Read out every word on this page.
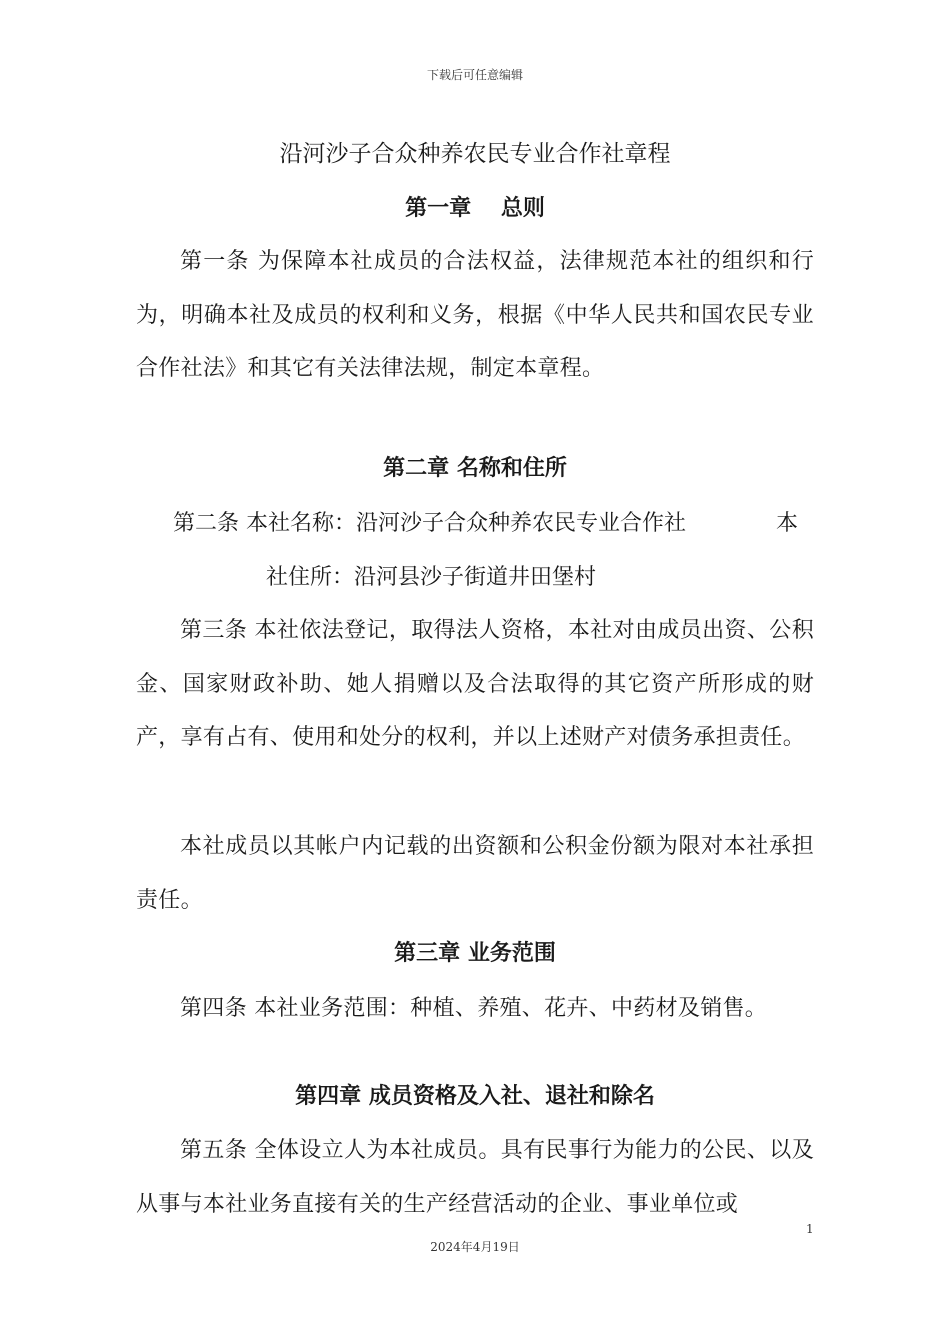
下载后可任意编辑
沿河沙子合众种养农民专业合作社章程
第一章　 总则

第一条 为保障本社成员的合法权益，法律规范本社的组织和行为，明确本社及成员的权利和义务，根据《中华人民共和国农民专业合作社法》和其它有关法律法规，制定本章程。

第二章 名称和住所
第二条 本社名称：沿河沙子合众种养农民专业合作社	本
社住所：沿河县沙子街道井田堡村

第三条 本社依法登记，取得法人资格，本社对由成员出资、公积金、国家财政补助、她人捐赠以及合法取得的其它资产所形成的财产，享有占有、使用和处分的权利，并以上述财产对债务承担责任。

本社成员以其帐户内记载的出资额和公积金份额为限对本社承担责任。

第三章 业务范围

第四条 本社业务范围：种植、养殖、花卉、中药材及销售。

第四章 成员资格及入社、退社和除名

第五条 全体设立人为本社成员。具有民事行为能力的公民、以及从事与本社业务直接有关的生产经营活动的企业、事业单位或

1
2024年4月19日
